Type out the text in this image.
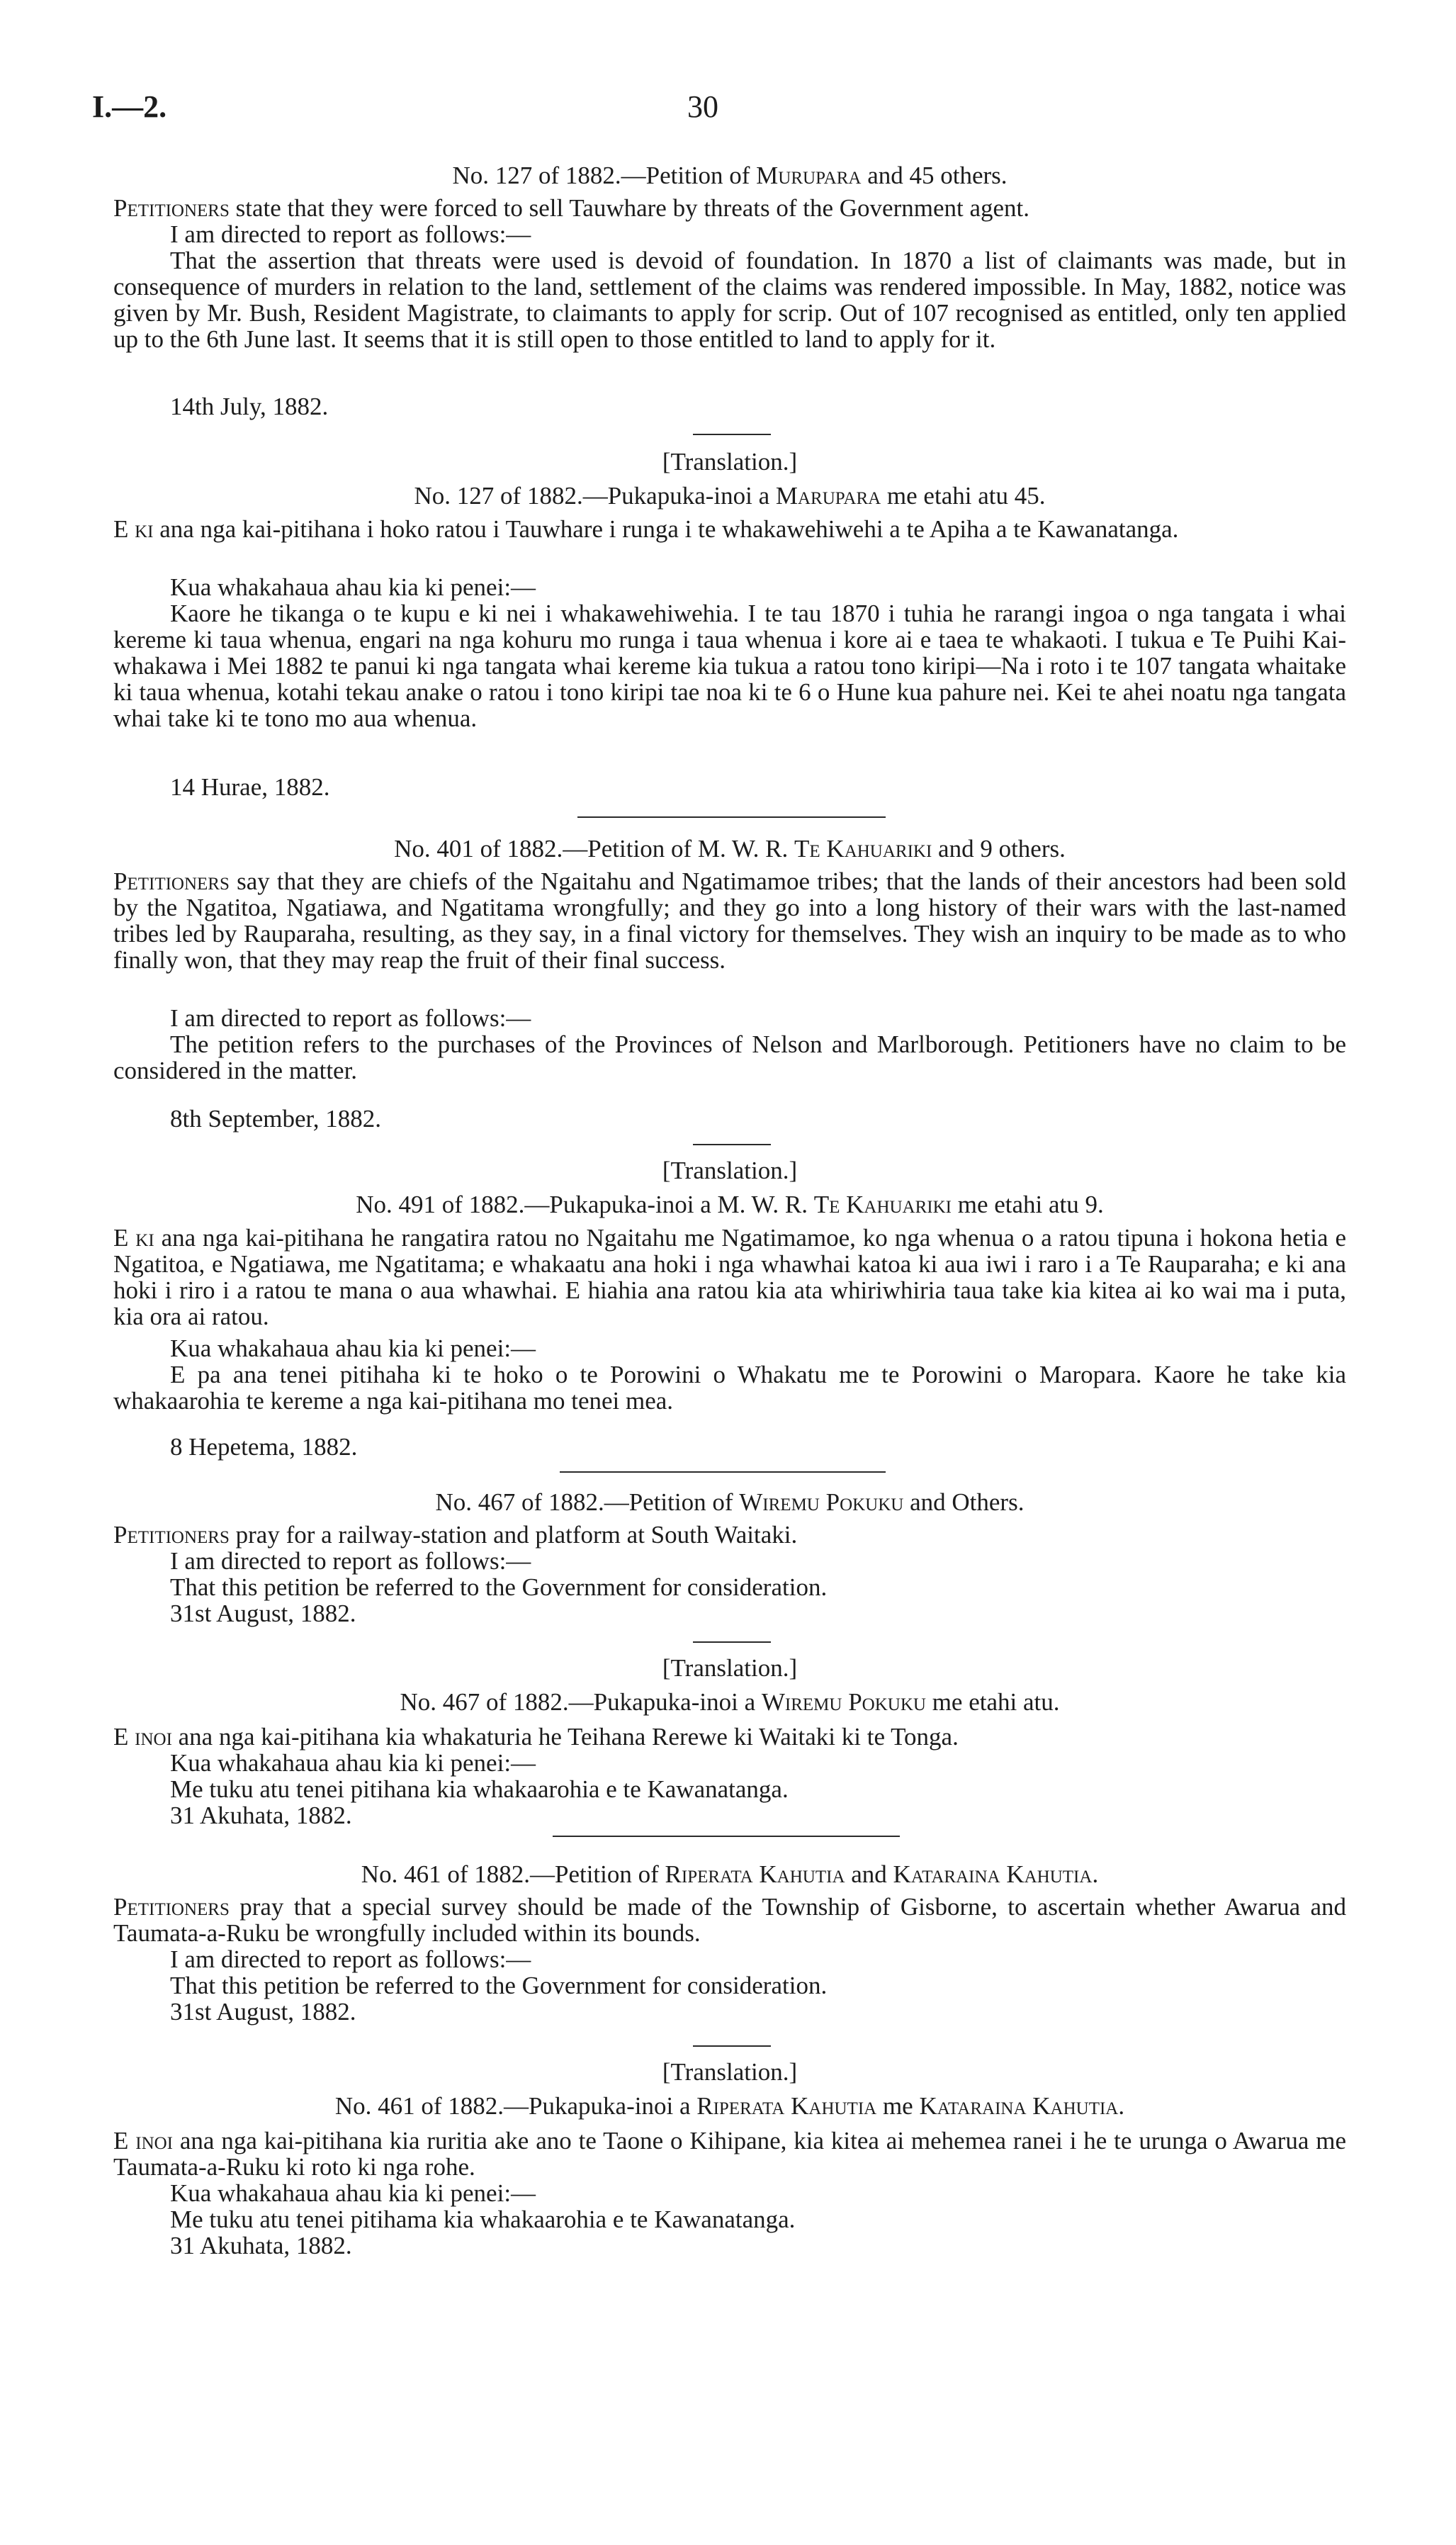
I.—2.	30
No. 127 of 1882.—Petition of Murupara and 45 others.
Petitioners state that they were forced to sell Tauwhare by threats of the Government agent.
I am directed to report as follows:—
That the assertion that threats were used is devoid of foundation. In 1870 a list of claimants was made, but in consequence of murders in relation to the land, settlement of the claims was rendered impossible. In May, 1882, notice was given by Mr. Bush, Resident Magistrate, to claimants to apply for scrip. Out of 107 recognised as entitled, only ten applied up to the 6th June last. It seems that it is still open to those entitled to land to apply for it.
14th July, 1882.
[Translation.]
No. 127 of 1882.—Pukapuka-inoi a Marupara me etahi atu 45.
E ki ana nga kai-pitihana i hoko ratou i Tauwhare i runga i te whakawehiwehi a te Apiha a te Kawanatanga.
Kua whakahaua ahau kia ki penei:—
Kaore he tikanga o te kupu e ki nei i whakawehiwehia. I te tau 1870 i tuhia he rarangi ingoa o nga tangata i whai kereme ki taua whenua, engari na nga kohuru mo runga i taua whenua i kore ai e taea te whakaoti. I tukua e Te Puihi Kai-whakawa i Mei 1882 te panui ki nga tangata whai kereme kia tukua a ratou tono kiripi—Na i roto i te 107 tangata whaitake ki taua whenua, kotahi tekau anake o ratou i tono kiripi tae noa ki te 6 o Hune kua pahure nei. Kei te ahei noatu nga tangata whai take ki te tono mo aua whenua.
14 Hurae, 1882.
No. 401 of 1882.—Petition of M. W. R. Te Kahuariki and 9 others.
Petitioners say that they are chiefs of the Ngaitahu and Ngatimamoe tribes; that the lands of their ancestors had been sold by the Ngatitoa, Ngatiawa, and Ngatitama wrongfully; and they go into a long history of their wars with the last-named tribes led by Rauparaha, resulting, as they say, in a final victory for themselves. They wish an inquiry to be made as to who finally won, that they may reap the fruit of their final success.
I am directed to report as follows:—
The petition refers to the purchases of the Provinces of Nelson and Marlborough. Petitioners have no claim to be considered in the matter.
8th September, 1882.
[Translation.]
No. 491 of 1882.—Pukapuka-inoi a M. W. R. Te Kahuariki me etahi atu 9.
E ki ana nga kai-pitihana he rangatira ratou no Ngaitahu me Ngatimamoe, ko nga whenua o a ratou tipuna i hokona hetia e Ngatitoa, e Ngatiawa, me Ngatitama; e whakaatu ana hoki i nga whawhai katoa ki aua iwi i raro i a Te Rauparaha; e ki ana hoki i riro i a ratou te mana o aua whawhai. E hiahia ana ratou kia ata whiriwhiria taua take kia kitea ai ko wai ma i puta, kia ora ai ratou.
Kua whakahaua ahau kia ki penei:—
E pa ana tenei pitihaha ki te hoko o te Porowini o Whakatu me te Porowini o Maropara. Kaore he take kia whakaarohia te kereme a nga kai-pitihana mo tenei mea.
8 Hepetema, 1882.
No. 467 of 1882.—Petition of Wiremu Pokuku and Others.
Petitioners pray for a railway-station and platform at South Waitaki.
I am directed to report as follows:—
That this petition be referred to the Government for consideration.
31st August, 1882.
[Translation.]
No. 467 of 1882.—Pukapuka-inoi a Wiremu Pokuku me etahi atu.
E inoi ana nga kai-pitihana kia whakaturia he Teihana Rerewe ki Waitaki ki te Tonga.
Kua whakahaua ahau kia ki penei:—
Me tuku atu tenei pitihana kia whakaarohia e te Kawanatanga.
31 Akuhata, 1882.
No. 461 of 1882.—Petition of Riperata Kahutia and Kataraina Kahutia.
Petitioners pray that a special survey should be made of the Township of Gisborne, to ascertain whether Awarua and Taumata-a-Ruku be wrongfully included within its bounds.
I am directed to report as follows:—
That this petition be referred to the Government for consideration.
31st August, 1882.
[Translation.]
No. 461 of 1882.—Pukapuka-inoi a Riperata Kahutia me Kataraina Kahutia.
E inoi ana nga kai-pitihana kia ruritia ake ano te Taone o Kihipane, kia kitea ai mehemea ranei i he te urunga o Awarua me Taumata-a-Ruku ki roto ki nga rohe.
Kua whakahaua ahau kia ki penei:—
Me tuku atu tenei pitihama kia whakaarohia e te Kawanatanga.
31 Akuhata, 1882.
